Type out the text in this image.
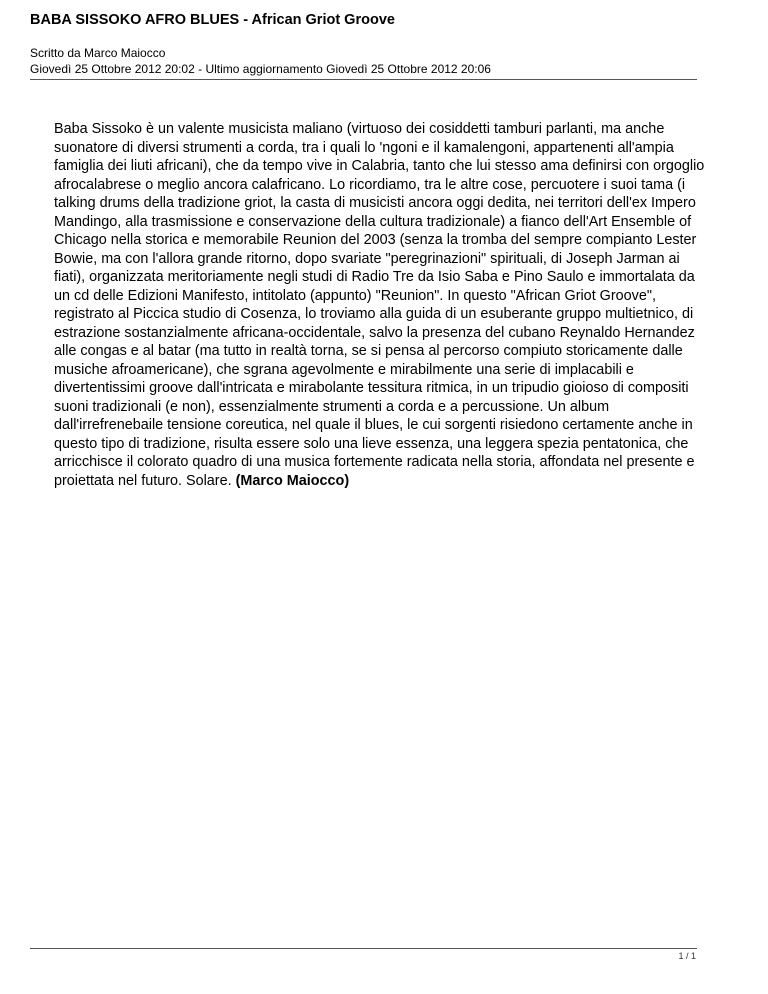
BABA SISSOKO AFRO BLUES - African Griot Groove
Scritto da Marco Maiocco
Giovedì 25 Ottobre 2012 20:02 - Ultimo aggiornamento Giovedì 25 Ottobre 2012 20:06

Baba Sissoko è un valente musicista maliano (virtuoso dei cosiddetti tamburi parlanti, ma anche suonatore di diversi strumenti a corda, tra i quali lo 'ngoni e il kamalengoni, appartenenti all'ampia famiglia dei liuti africani), che da tempo vive in Calabria, tanto che lui stesso ama definirsi con orgoglio afrocalabrese o meglio ancora calafricano. Lo ricordiamo, tra le altre cose, percuotere i suoi tama (i talking drums della tradizione griot, la casta di musicisti ancora oggi dedita, nei territori dell'ex Impero Mandingo, alla trasmissione e conservazione della cultura tradizionale) a fianco dell'Art Ensemble of Chicago nella storica e memorabile Reunion del 2003 (senza la tromba del sempre compianto Lester Bowie, ma con l'allora grande ritorno, dopo svariate "peregrinazioni" spirituali, di Joseph Jarman ai fiati), organizzata meritoriamente negli studi di Radio Tre da Isio Saba e Pino Saulo e immortalata da un cd delle Edizioni Manifesto, intitolato (appunto) "Reunion". In questo "African Griot Groove", registrato al Piccica studio di Cosenza, lo troviamo alla guida di un esuberante gruppo multietnico, di estrazione sostanzialmente africana-occidentale, salvo la presenza del cubano Reynaldo Hernandez alle congas e al batar (ma tutto in realtà torna, se si pensa al percorso compiuto storicamente dalle musiche afroamericane), che sgrana agevolmente e mirabilmente una serie di implacabili e divertentissimi groove dall'intricata e mirabolante tessitura ritmica, in un tripudio gioioso di compositi suoni tradizionali (e non), essenzialmente strumenti a corda e a percussione. Un album dall'irrefrenebaile tensione coreutica, nel quale il blues, le cui sorgenti risiedono certamente anche in questo tipo di tradizione, risulta essere solo una lieve essenza, una leggera spezia pentatonica, che arricchisce il colorato quadro di una musica fortemente radicata nella storia, affondata nel presente e proiettata nel futuro. Solare. (Marco Maiocco)

1 / 1
